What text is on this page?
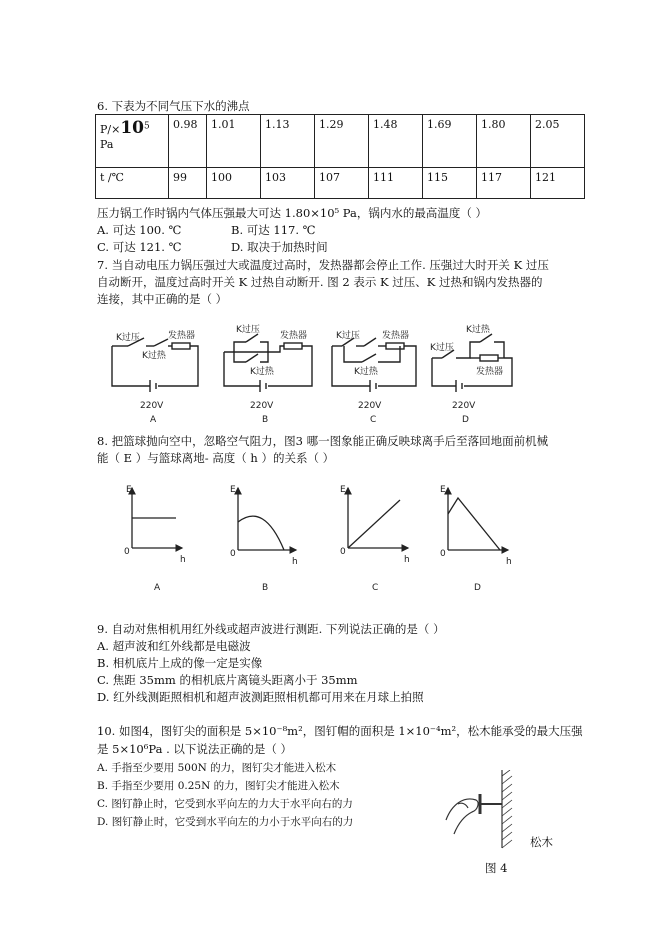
6. 下表为不同气压下水的沸点
$P/\times 10^5$
Pa	0.98	1.01	1.13	1.29	1.48	1.69	1.80	2.05
t /℃	99	100	103	107	111	115	117	121
压力锅工作时锅内气体压强最大可达 1.80×10⁵ Pa，锅内水的最高温度（ ）
A. 可达 100. ℃	B. 可达 117. ℃
C. 可达 121. ℃	D. 取决于加热时间
7. 当自动电压力锅压强过大或温度过高时，发热器都会停止工作. 压强过大时开关 K 过压
自动断开，温度过高时开关 K 过热自动断开. 图 2 表示 K 过压、K 过热和锅内发热器的
连接，其中正确的是（ ）
K过压	发热器
K过热
220V
A
K过压
发热器
K过热
220V
B
K过压 发热器
K过热
220V
C
K过热
发热器
K过压
220V
D
8. 把篮球抛向空中，忽略空气阻力，图3 哪一图象能正确反映球离手后至落回地面前机械
能（ E ）与篮球离地- 高度（ h ）的关系（ ）
E
h
0
A
E
h
0
B
E
h
0
C
E
h
0
D
9. 自动对焦相机用红外线或超声波进行测距. 下列说法正确的是（ ）
A. 超声波和红外线都是电磁波
B. 相机底片上成的像一定是实像
C. 焦距 35mm 的相机底片离镜头距离小于 35mm
D. 红外线测距照相机和超声波测距照相机都可用来在月球上拍照
10. 如图4，图钉尖的面积是 5×10⁻⁸m²，图钉帽的面积是 1×10⁻⁴m²，松木能承受的最大压强
是 5×10⁶Pa . 以下说法正确的是（ ）
A. 手指至少要用 500N 的力，图钉尖才能进入松木
B. 手指至少要用 0.25N 的力，图钉尖才能进入松木
C. 图钉静止时，它受到水平向左的力大于水平向右的力
D. 图钉静止时，它受到水平向左的力小于水平向右的力
松木
图 4
